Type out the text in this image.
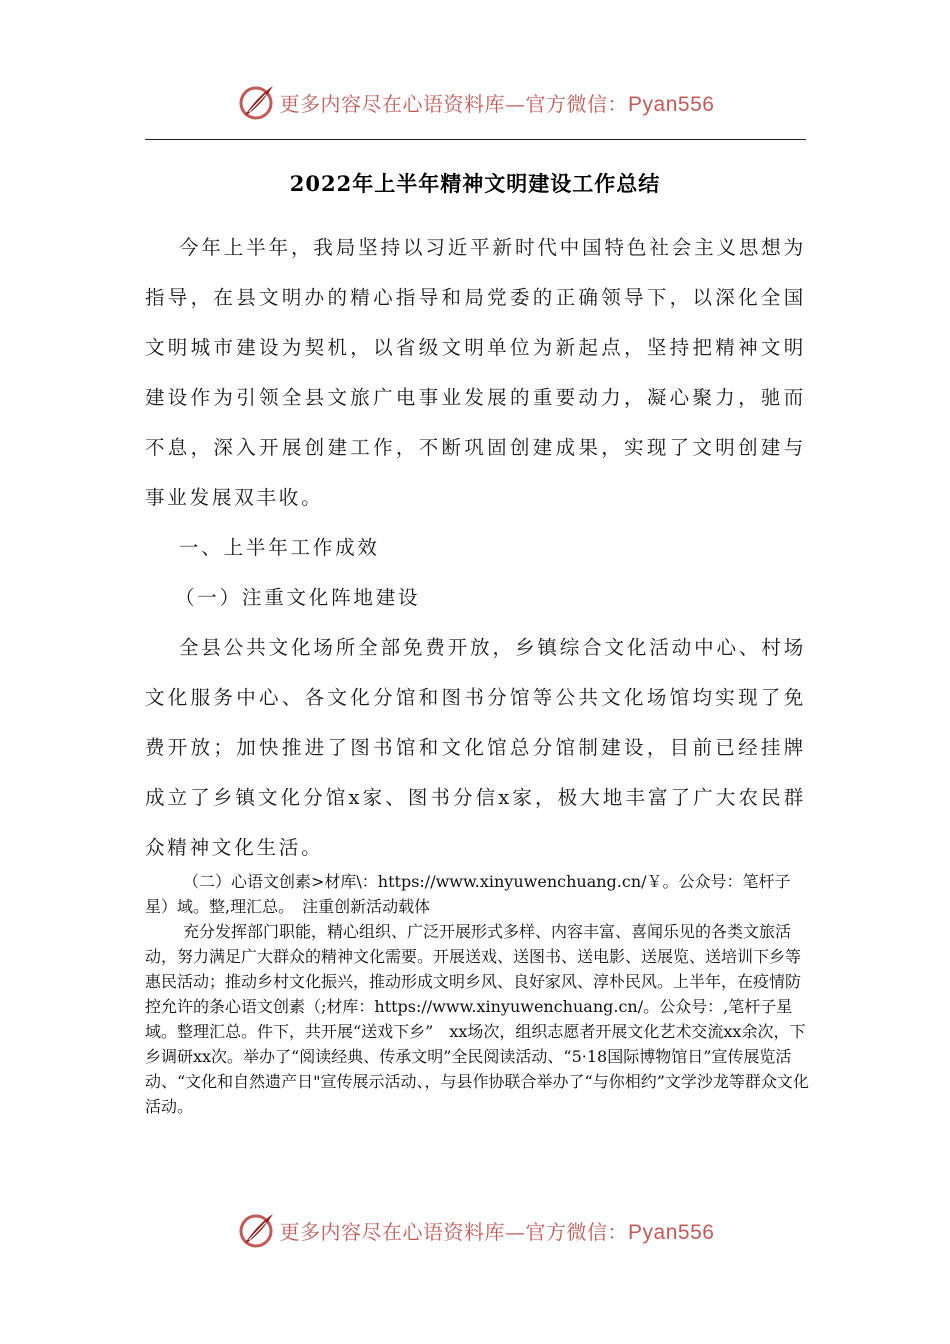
更多内容尽在心语资料库—官方微信：Pyan556
2022年上半年精神文明建设工作总结

今年上半年，我局坚持以习近平新时代中国特色社会主义思想为指导，在县文明办的精心指导和局党委的正确领导下，以深化全国文明城市建设为契机，以省级文明单位为新起点，坚持把精神文明建设作为引领全县文旅广电事业发展的重要动力，凝心聚力，驰而不息，深入开展创建工作，不断巩固创建成果，实现了文明创建与事业发展双丰收。

一、上半年工作成效

（一）注重文化阵地建设

全县公共文化场所全部免费开放，乡镇综合文化活动中心、村场文化服务中心、各文化分馆和图书分馆等公共文化场馆均实现了免费开放；加快推进了图书馆和文化馆总分馆制建设，目前已经挂牌成立了乡镇文化分馆x家、图书分信x家，极大地丰富了广大农民群众精神文化生活。

（二）心语文创素>材库\：https://www.xinyuwenchuang.cn/￥。公众号：笔杆子星）域。整,理汇总。　注重创新活动载体

充分发挥部门职能，精心组织、广泛开展形式多样、内容丰富、喜闻乐见的各类文旅活动，努力满足广大群众的精神文化需要。开展送戏、送图书、送电影、送展览、送培训下乡等惠民活动；推动乡村文化振兴，推动形成文明乡风、良好家风、淳朴民风。上半年，在疫情防控允许的条心语文创素（;材库：https://www.xinyuwenchuang.cn/。公众号：,笔杆子星域。整理汇总。件下，共开展“送戏下乡”　xx场次，组织志愿者开展文化艺术交流xx余次，下乡调研xx次。举办了“阅读经典、传承文明”全民阅读活动、“5·18国际博物馆日”宣传展览活动、“文化和自然遗产日"宣传展示活动、，与县作协联合举办了“与你相约”文学沙龙等群众文化活动。

更多内容尽在心语资料库—官方微信：Pyan556
